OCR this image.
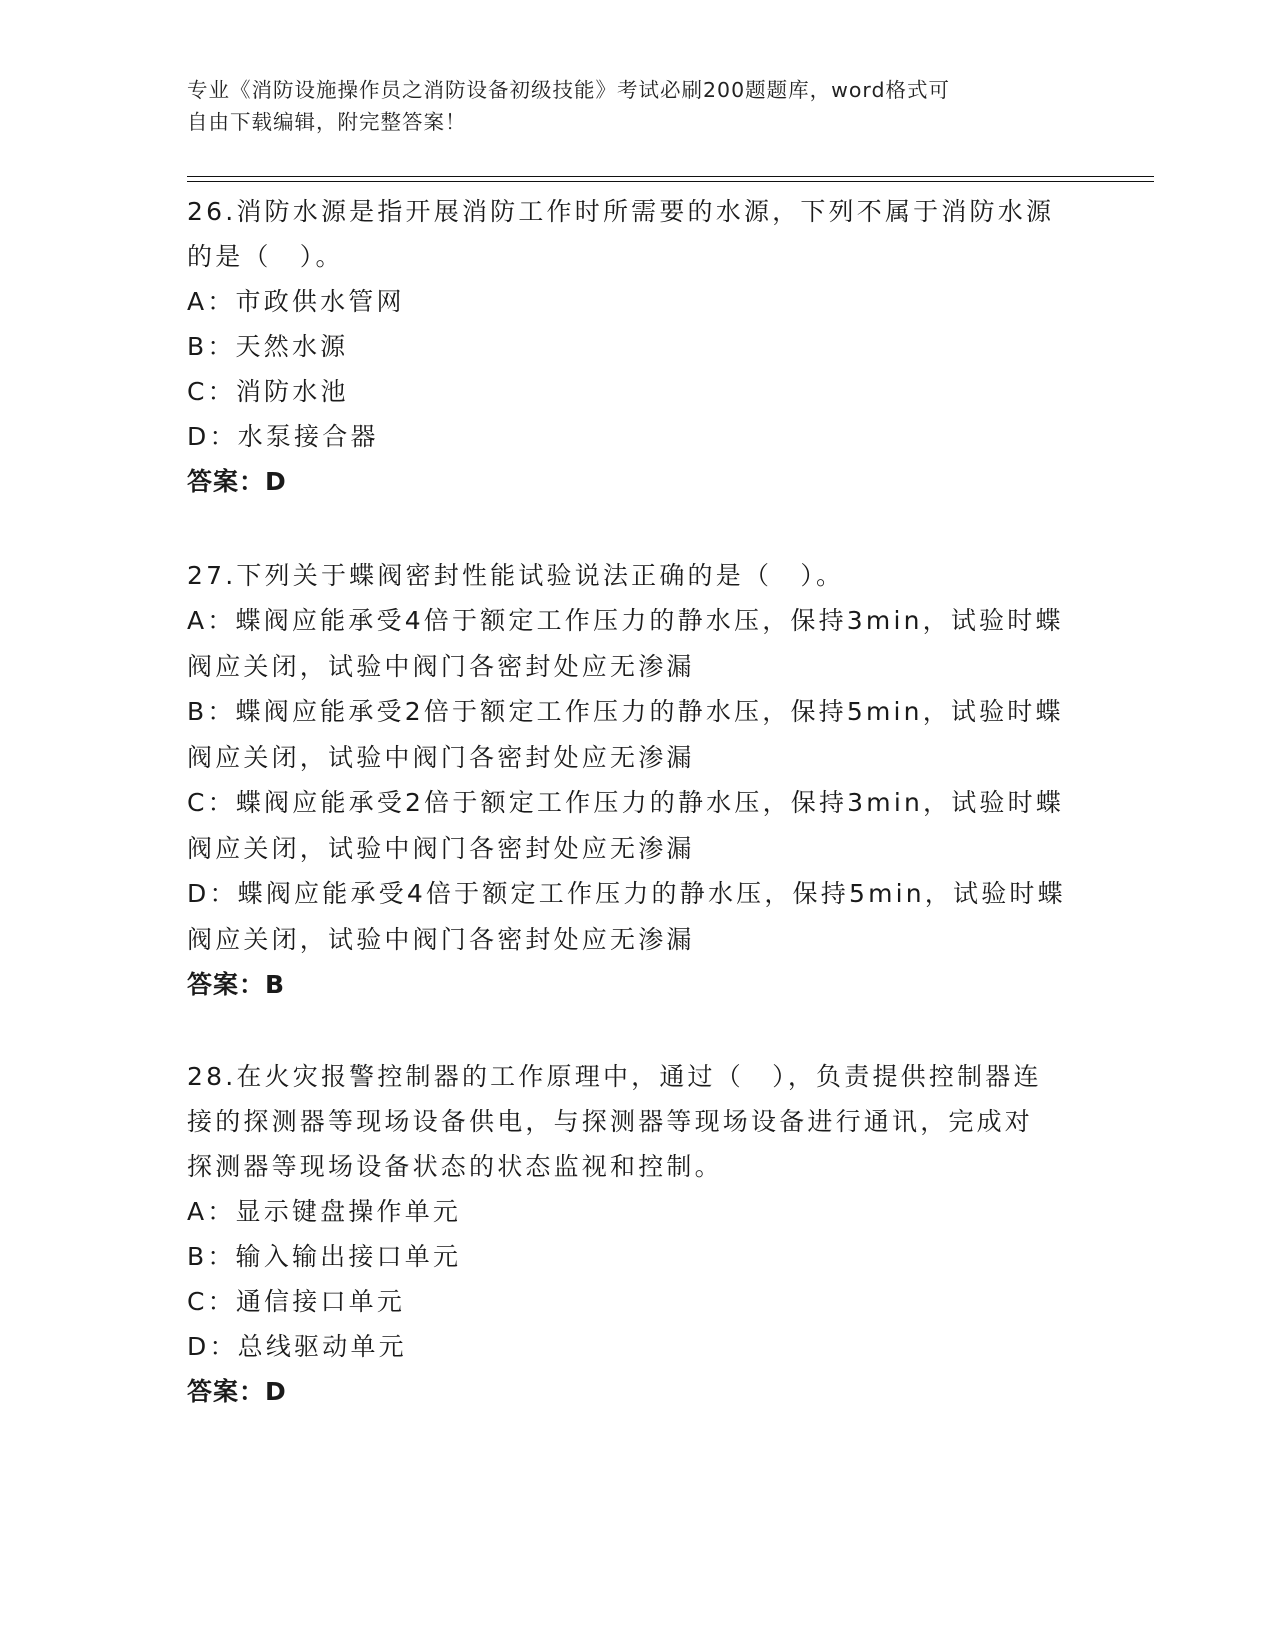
专业《消防设施操作员之消防设备初级技能》考试必刷200题题库，word格式可
自由下载编辑，附完整答案！
26.消防水源是指开展消防工作时所需要的水源，下列不属于消防水源
的是（　）。
A：市政供水管网
B：天然水源
C：消防水池
D：水泵接合器
答案：D
27.下列关于蝶阀密封性能试验说法正确的是（　）。
A：蝶阀应能承受4倍于额定工作压力的静水压，保持3min，试验时蝶
阀应关闭，试验中阀门各密封处应无渗漏
B：蝶阀应能承受2倍于额定工作压力的静水压，保持5min，试验时蝶
阀应关闭，试验中阀门各密封处应无渗漏
C：蝶阀应能承受2倍于额定工作压力的静水压，保持3min，试验时蝶
阀应关闭，试验中阀门各密封处应无渗漏
D：蝶阀应能承受4倍于额定工作压力的静水压，保持5min，试验时蝶
阀应关闭，试验中阀门各密封处应无渗漏
答案：B
28.在火灾报警控制器的工作原理中，通过（　），负责提供控制器连
接的探测器等现场设备供电，与探测器等现场设备进行通讯，完成对
探测器等现场设备状态的状态监视和控制。
A：显示键盘操作单元
B：输入输出接口单元
C：通信接口单元
D：总线驱动单元
答案：D
